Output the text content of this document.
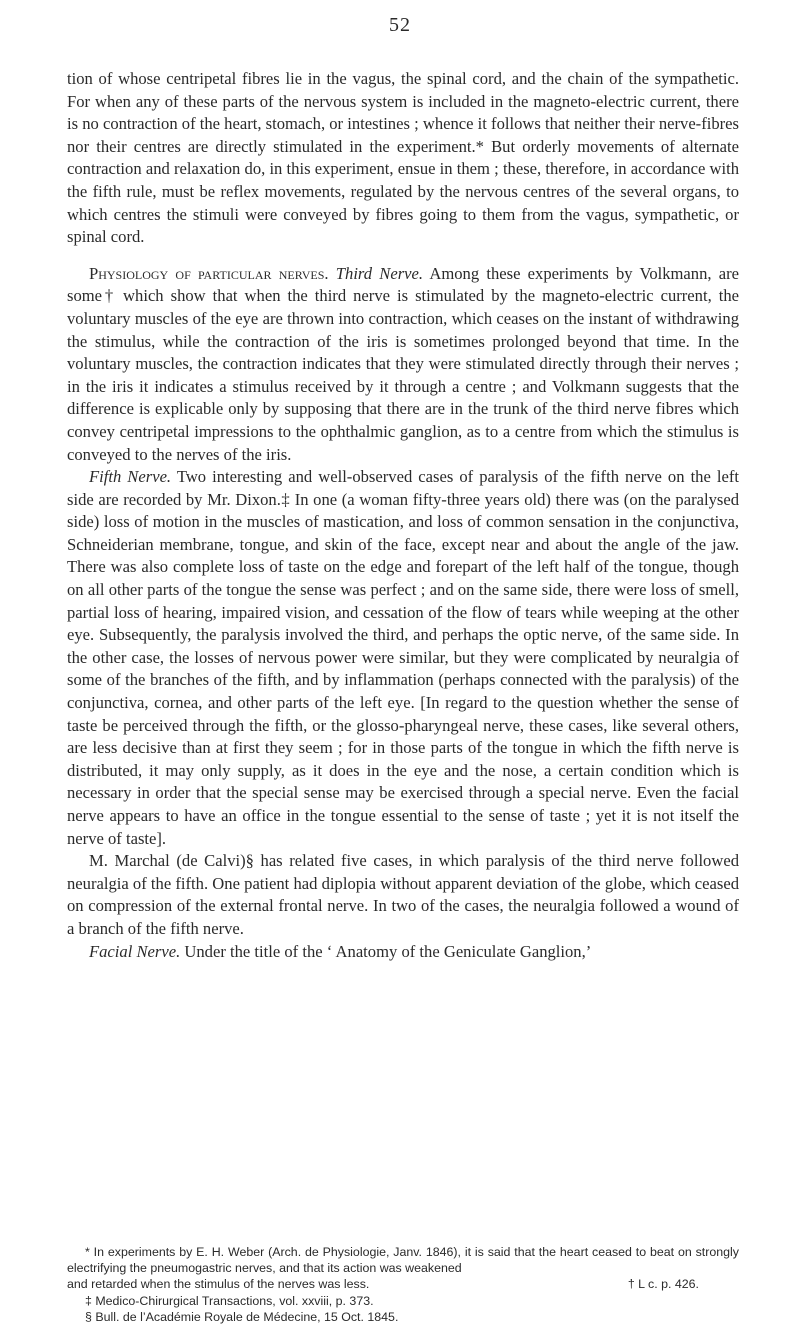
52

tion of whose centripetal fibres lie in the vagus, the spinal cord, and the chain of the sympathetic. For when any of these parts of the nervous system is included in the magneto-electric current, there is no contraction of the heart, stomach, or intestines ; whence it follows that neither their nerve-fibres nor their centres are directly stimulated in the experiment.* But orderly movements of alternate contraction and relaxation do, in this experiment, ensue in them ; these, therefore, in accordance with the fifth rule, must be reflex movements, regulated by the nervous centres of the several organs, to which centres the stimuli were conveyed by fibres going to them from the vagus, sympathetic, or spinal cord.

Physiology of particular nerves. Third Nerve. Among these experiments by Volkmann, are some† which show that when the third nerve is stimulated by the magneto-electric current, the voluntary muscles of the eye are thrown into contraction, which ceases on the instant of withdrawing the stimulus, while the contraction of the iris is sometimes prolonged beyond that time. In the voluntary muscles, the contraction indicates that they were stimulated directly through their nerves ; in the iris it indicates a stimulus received by it through a centre ; and Volkmann suggests that the difference is explicable only by supposing that there are in the trunk of the third nerve fibres which convey centripetal impressions to the ophthalmic ganglion, as to a centre from which the stimulus is conveyed to the nerves of the iris.

Fifth Nerve. Two interesting and well-observed cases of paralysis of the fifth nerve on the left side are recorded by Mr. Dixon.‡ In one (a woman fifty-three years old) there was (on the paralysed side) loss of motion in the muscles of mastication, and loss of common sensation in the conjunctiva, Schneiderian membrane, tongue, and skin of the face, except near and about the angle of the jaw. There was also complete loss of taste on the edge and forepart of the left half of the tongue, though on all other parts of the tongue the sense was perfect ; and on the same side, there were loss of smell, partial loss of hearing, impaired vision, and cessation of the flow of tears while weeping at the other eye. Subsequently, the paralysis involved the third, and perhaps the optic nerve, of the same side. In the other case, the losses of nervous power were similar, but they were complicated by neuralgia of some of the branches of the fifth, and by inflammation (perhaps connected with the paralysis) of the conjunctiva, cornea, and other parts of the left eye. [In regard to the question whether the sense of taste be perceived through the fifth, or the glosso-pharyngeal nerve, these cases, like several others, are less decisive than at first they seem ; for in those parts of the tongue in which the fifth nerve is distributed, it may only supply, as it does in the eye and the nose, a certain condition which is necessary in order that the special sense may be exercised through a special nerve. Even the facial nerve appears to have an office in the tongue essential to the sense of taste ; yet it is not itself the nerve of taste].

M. Marchal (de Calvi)§ has related five cases, in which paralysis of the third nerve followed neuralgia of the fifth. One patient had diplopia without apparent deviation of the globe, which ceased on compression of the external frontal nerve. In two of the cases, the neuralgia followed a wound of a branch of the fifth nerve.

Facial Nerve. Under the title of the ‘ Anatomy of the Geniculate Ganglion,’

* In experiments by E. H. Weber (Arch. de Physiologie, Janv. 1846), it is said that the heart ceased to beat on strongly electrifying the pneumogastric nerves, and that its action was weakened

and retarded when the stimulus of the nerves was less.	† L c. p. 426.

‡ Medico-Chirurgical Transactions, vol. xxviii, p. 373.

§ Bull. de l’Académie Royale de Médecine, 15 Oct. 1845.
